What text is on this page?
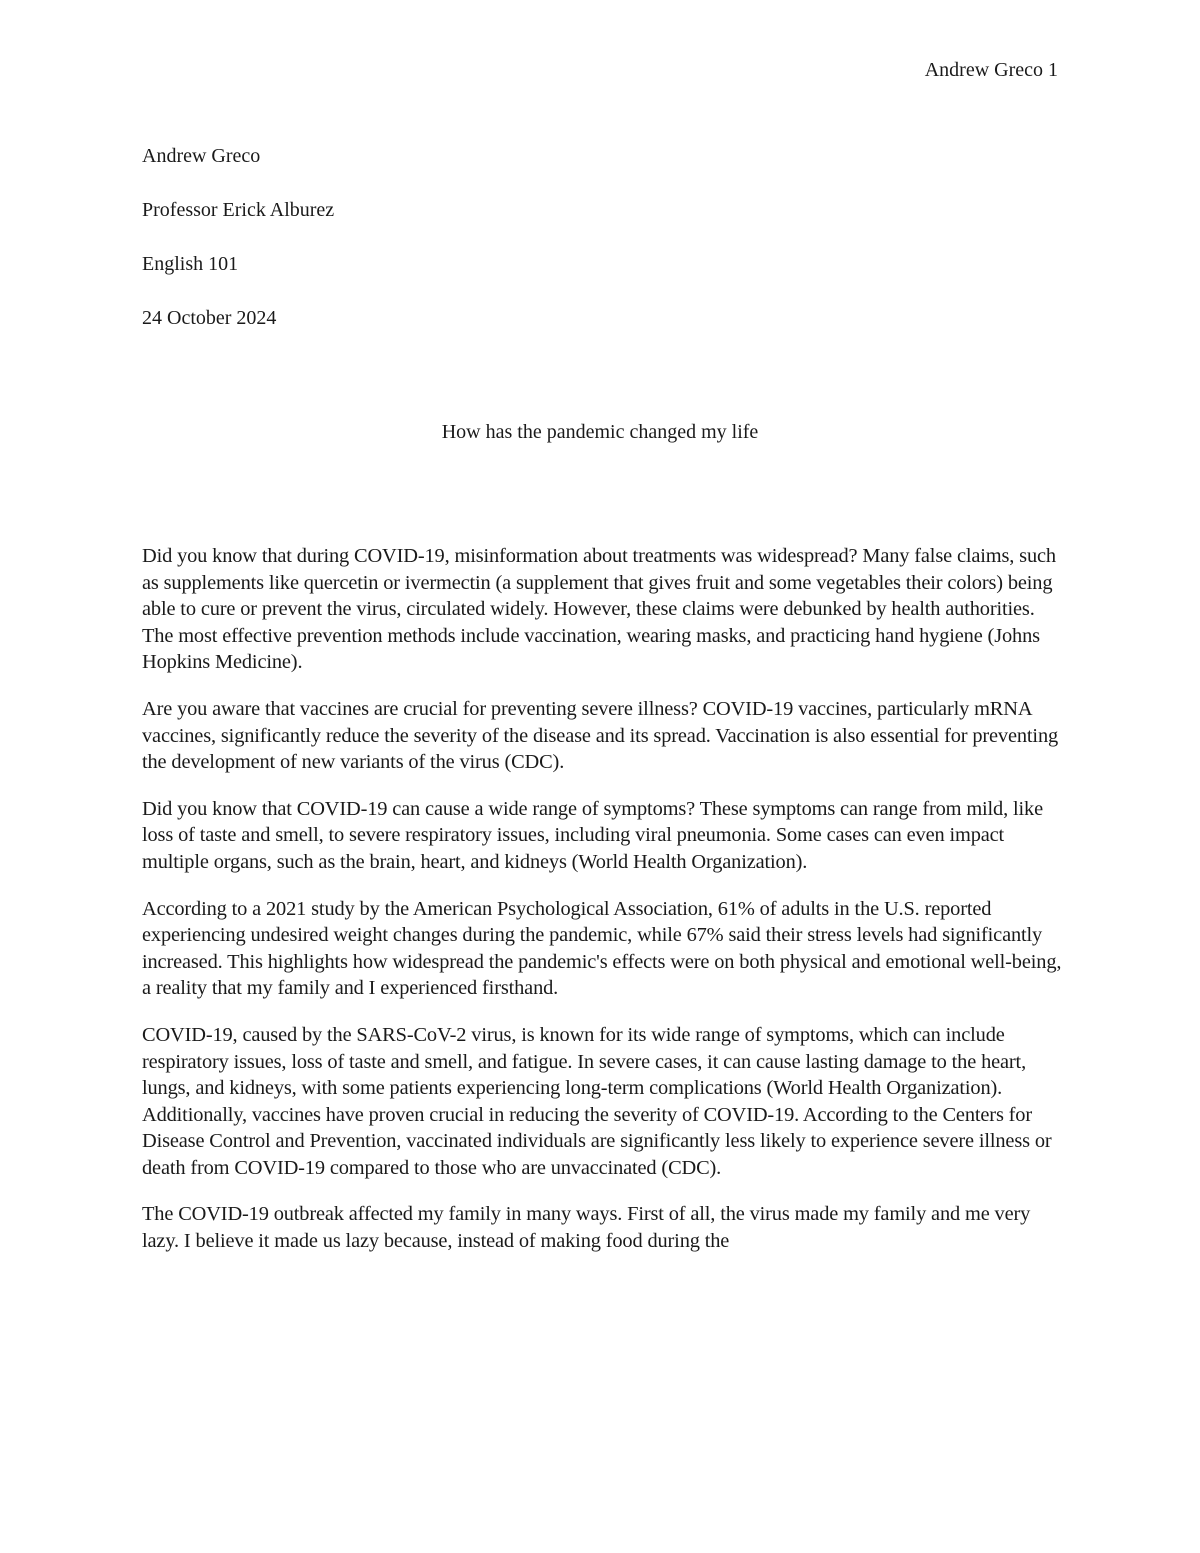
Andrew Greco 1
Andrew Greco
Professor Erick Alburez
English 101
24 October 2024
How has the pandemic changed my life

Did you know that during COVID-19, misinformation about treatments was widespread? Many false claims, such as supplements like quercetin or ivermectin (a supplement that gives fruit and some vegetables their colors) being able to cure or prevent the virus, circulated widely. However, these claims were debunked by health authorities. The most effective prevention methods include vaccination, wearing masks, and practicing hand hygiene (Johns Hopkins Medicine).

Are you aware that vaccines are crucial for preventing severe illness? COVID-19 vaccines, particularly mRNA vaccines, significantly reduce the severity of the disease and its spread. Vaccination is also essential for preventing the development of new variants of the virus (CDC).

Did you know that COVID-19 can cause a wide range of symptoms? These symptoms can range from mild, like loss of taste and smell, to severe respiratory issues, including viral pneumonia. Some cases can even impact multiple organs, such as the brain, heart, and kidneys (World Health Organization).

According to a 2021 study by the American Psychological Association, 61% of adults in the U.S. reported experiencing undesired weight changes during the pandemic, while 67% said their stress levels had significantly increased. This highlights how widespread the pandemic's effects were on both physical and emotional well-being, a reality that my family and I experienced firsthand.

COVID-19, caused by the SARS-CoV-2 virus, is known for its wide range of symptoms, which can include respiratory issues, loss of taste and smell, and fatigue. In severe cases, it can cause lasting damage to the heart, lungs, and kidneys, with some patients experiencing long-term complications (World Health Organization). Additionally, vaccines have proven crucial in reducing the severity of COVID-19. According to the Centers for Disease Control and Prevention, vaccinated individuals are significantly less likely to experience severe illness or death from COVID-19 compared to those who are unvaccinated (CDC).

The COVID-19 outbreak affected my family in many ways. First of all, the virus made my family and me very lazy. I believe it made us lazy because, instead of making food during the
